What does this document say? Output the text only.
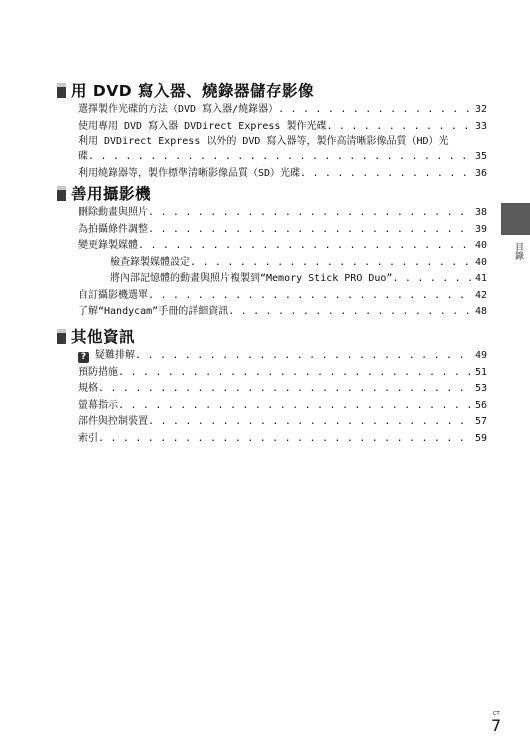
用 DVD 寫入器、燒錄器儲存影像
選擇製作光碟的方法（DVD 寫入器/燒錄器） . . .	32
使用專用 DVD 寫入器 DVDirect Express 製作光碟 . . .	33
利用 DVDirect Express 以外的 DVD 寫入器等，製作高清晰影像品質（HD）光
碟 . . .	35
利用燒錄器等，製作標準清晰影像品質（SD）光碟 . . .	36
善用攝影機
刪除動畫與照片 . . .	38
為拍攝條件調整 . . .	39
變更錄製媒體 . . .	40
檢查錄製媒體設定 . . .	40
將內部記憶體的動畫與照片複製到“Memory Stick PRO Duo” . . .	41
自訂攝影機選單 . . .	42
了解“Handycam”手冊的詳細資訊 . . .	48
其他資訊
? 疑難排解 . . .	49
預防措施 . . .	51
規格 . . .	53
螢幕指示 . . .	56
部件與控制裝置 . . .	57
索引 . . .	59
目錄
CT
7
